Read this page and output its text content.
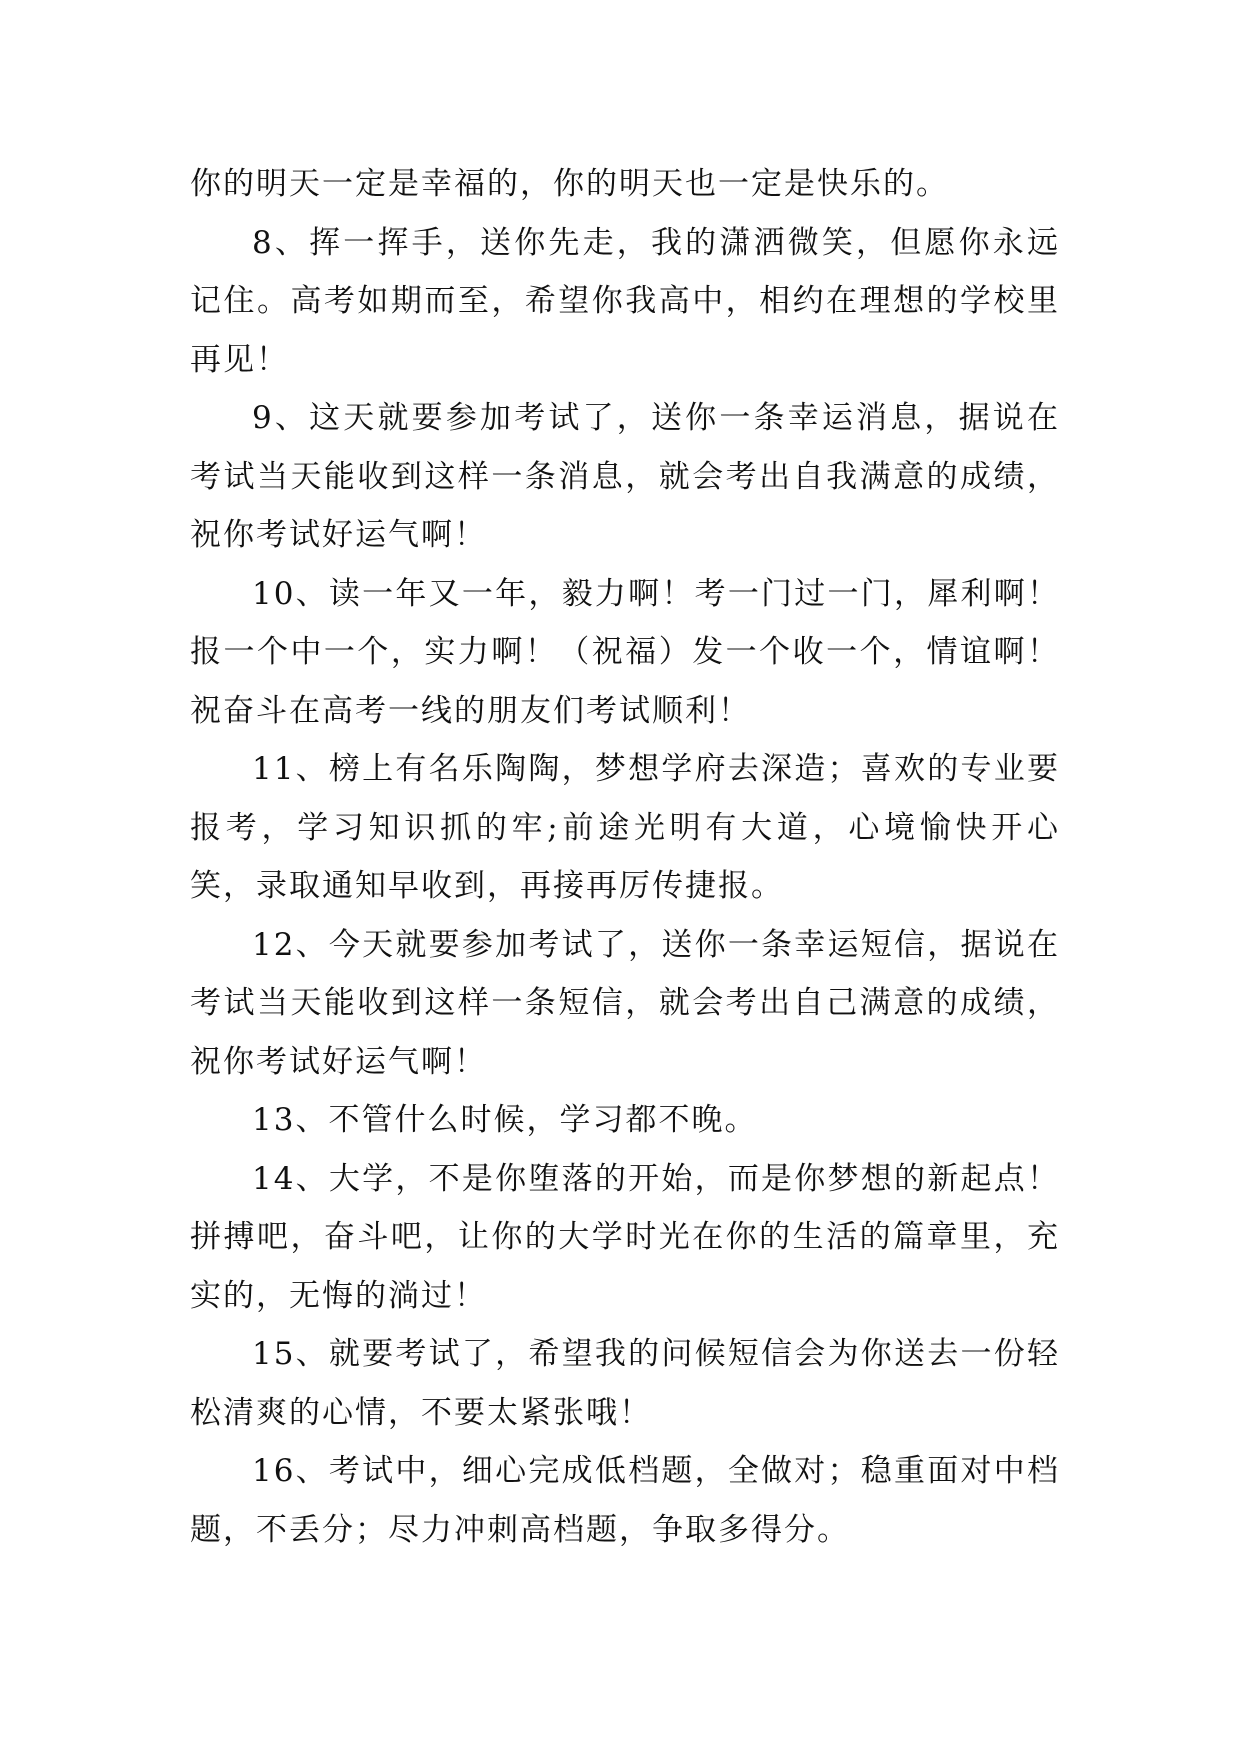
你的明天一定是幸福的，你的明天也一定是快乐的。

8、挥一挥手，送你先走，我的潇洒微笑，但愿你永远记住。高考如期而至，希望你我高中，相约在理想的学校里再见！

9、这天就要参加考试了，送你一条幸运消息，据说在考试当天能收到这样一条消息，就会考出自我满意的成绩，祝你考试好运气啊！

10、读一年又一年，毅力啊！考一门过一门，犀利啊！报一个中一个，实力啊！（祝福）发一个收一个，情谊啊！祝奋斗在高考一线的朋友们考试顺利！

11、榜上有名乐陶陶，梦想学府去深造；喜欢的专业要报考，学习知识抓的牢;前途光明有大道，心境愉快开心笑，录取通知早收到，再接再厉传捷报。

12、今天就要参加考试了，送你一条幸运短信，据说在考试当天能收到这样一条短信，就会考出自己满意的成绩，祝你考试好运气啊！

13、不管什么时候，学习都不晚。

14、大学，不是你堕落的开始，而是你梦想的新起点！拼搏吧，奋斗吧，让你的大学时光在你的生活的篇章里，充实的，无悔的淌过！

15、就要考试了，希望我的问候短信会为你送去一份轻松清爽的心情，不要太紧张哦！

16、考试中，细心完成低档题，全做对；稳重面对中档题，不丢分；尽力冲刺高档题，争取多得分。
